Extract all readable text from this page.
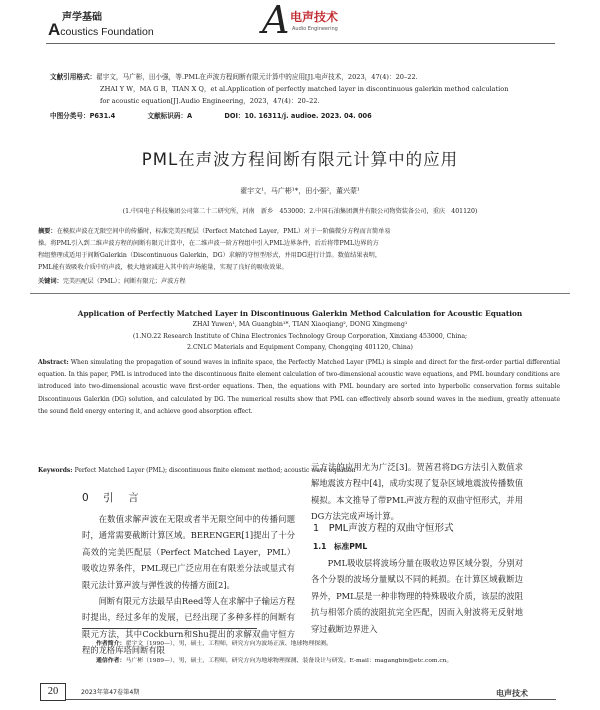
声学基础
Acoustics Foundation	A 电声技术
Audio Engineering
文献引用格式：翟宇文，马广彬，田小强，等.PML在声波方程间断有限元计算中的应用[J].电声技术，2023，47(4)：20–22.
ZHAI Y W，MA G B，TIAN X Q，et al.Application of perfectly matched layer in discontinuous galerkin method calculation
for acoustic equation[J].Audio Engineering，2023，47(4)：20–22.
中图分类号：P631.4	文献标识码：A	DOI：10. 16311/j. audioe. 2023. 04. 006
PML在声波方程间断有限元计算中的应用
翟宇文¹，马广彬¹*，田小强²，董兴蒙¹
(1.中国电子科技集团公司第二十二研究所，河南　新乡　453000；2.中国石油集团测井有限公司物资装备公司，重庆　401120)
摘要：在模拟声波在无限空间中的传播时，标准完美匹配层（Perfect Matched Layer，PML）对于一阶偏微分方程而言简单易
操。将PML引入到二维声波方程的间断有限元计算中，在二维声波一阶方程组中引入PML边界条件，后后将带PML边界的方
程组整理成适用于间断Galerkin（Discontinuous Galerkin，DG）求解的守恒型形式，并用DG进行计算。数值结果表明，
PML能有效吸收介质中的声波，极大地衰减进入其中的声场能量，实现了良好的吸收效果。
关键词：完美匹配层（PML）；间断有限元；声波方程
Application of Perfectly Matched Layer in Discontinuous Galerkin Method Calculation for Acoustic Equation
ZHAI Yuwen¹, MA Guangbin¹*, TIAN Xiaoqiang², DONG Xingmeng¹
(1.NO.22 Research Institute of China Electronics Technology Group Corporation, Xinxiang 453000, China;
2.CNLC Materials and Equipment Company, Chongqing 401120, China)
Abstract: When simulating the propagation of sound waves in infinite space, the Perfectly Matched Layer (PML) is simple and direct for the first-order partial differential equation. In this paper, PML is introduced into the discontinuous finite element calculation of two-dimensional acoustic wave equations, and PML boundary conditions are introduced into two-dimensional acoustic wave first-order equations. Then, the equations with PML boundary are sorted into hyperbolic conservation forms suitable Discontinuous Galerkin (DG) solution, and calculated by DG. The numerical results show that PML can effectively absorb sound waves in the medium, greatly attenuate the sound field energy entering it, and achieve good absorption effect.
Keywords: Perfect Matched Layer (PML); discontinuous finite element method; acoustic wave equation
0　引　言

在数值求解声波在无限或者半无限空间中的传播问题时，通常需要截断计算区域。BERENGER[1]提出了十分高效的完美匹配层（Perfect Matched Layer，PML）吸收边界条件，PML现已广泛应用在有限差分法或显式有限元法计算声波与弹性波的传播方面[2]。

间断有限元方法最早由Reed等人在求解中子输运方程时提出，经过多年的发展，已经出现了多种多样的间断有限元方法，其中Cockburn和Shu提出的求解双曲守恒方程的龙格库塔间断有限

元方法的应用尤为广泛[3]。贺茜君将DG方法引入数值求解地震波方程中[4]，成功实现了复杂区域地震波传播数值模拟。本文推导了带PML声波方程的双曲守恒形式，并用DG方法完成声场计算。

1　PML声波方程的双曲守恒形式
1.1　标准PML

PML吸收层将波场分量在吸收边界区域分裂，分别对各个分裂的波场分量赋以不同的耗损。在计算区域截断边界外，PML层是一种非物理的特殊吸收介质，该层的波阻抗与相邻介质的波阻抗完全匹配，因而入射波将无反射地穿过截断边界进入

作者简介：翟宇文（1990—），男，硕士，工程师，研究方向为波场正演、地球物理探测。
通信作者：马广彬（1989—），男，硕士，工程师，研究方向为地球物理探测、装备设计与研发。E-mail：magangbin@etc.com.cn。
20	2023年第47卷第4期	电声技术
